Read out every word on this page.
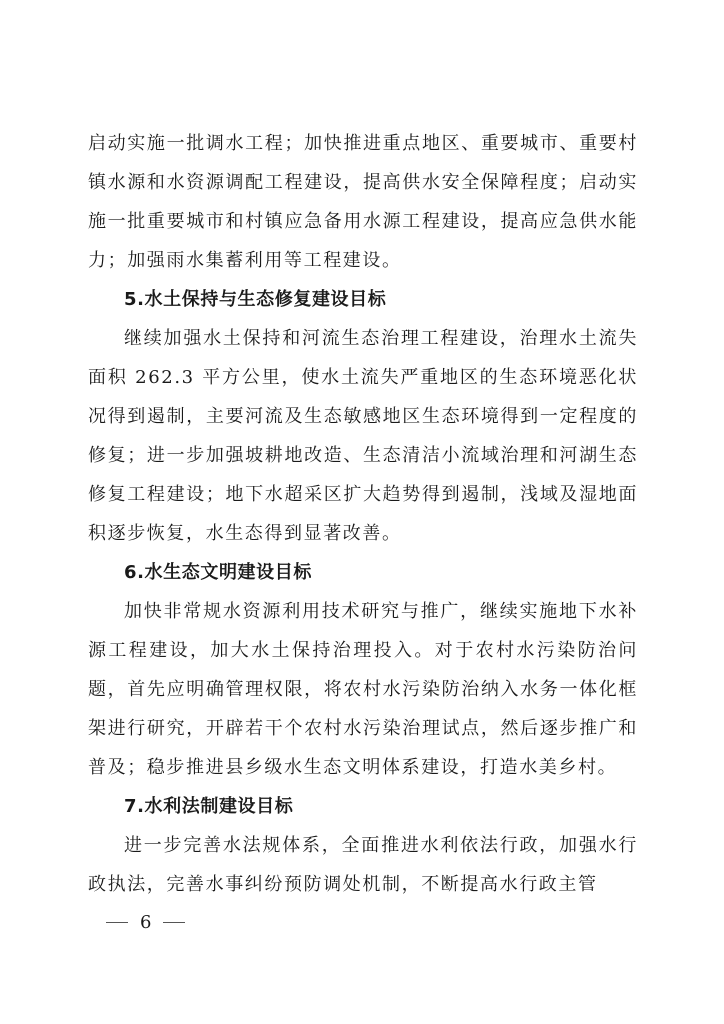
启动实施一批调水工程；加快推进重点地区、重要城市、重要村镇水源和水资源调配工程建设，提高供水安全保障程度；启动实施一批重要城市和村镇应急备用水源工程建设，提高应急供水能力；加强雨水集蓄利用等工程建设。

5.水土保持与生态修复建设目标

继续加强水土保持和河流生态治理工程建设，治理水土流失面积 262.3 平方公里，使水土流失严重地区的生态环境恶化状况得到遏制，主要河流及生态敏感地区生态环境得到一定程度的修复；进一步加强坡耕地改造、生态清洁小流域治理和河湖生态修复工程建设；地下水超采区扩大趋势得到遏制，浅域及湿地面积逐步恢复，水生态得到显著改善。

6.水生态文明建设目标

加快非常规水资源利用技术研究与推广，继续实施地下水补源工程建设，加大水土保持治理投入。对于农村水污染防治问题，首先应明确管理权限，将农村水污染防治纳入水务一体化框架进行研究，开辟若干个农村水污染治理试点，然后逐步推广和普及；稳步推进县乡级水生态文明体系建设，打造水美乡村。

7.水利法制建设目标

进一步完善水法规体系，全面推进水利依法行政，加强水行政执法，完善水事纠纷预防调处机制，不断提高水行政主管

6
